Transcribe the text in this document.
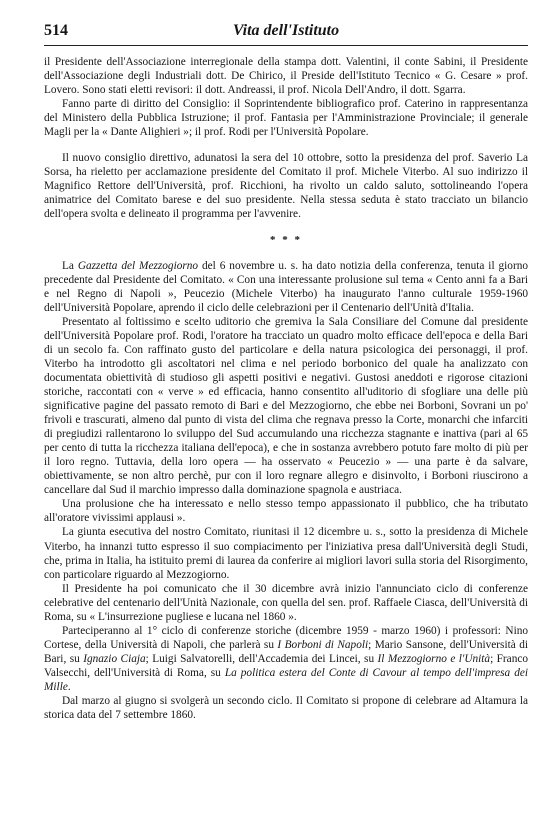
514	Vita dell'Istituto

il Presidente dell'Associazione interregionale della stampa dott. Valentini, il conte Sabini, il Presidente dell'Associazione degli Industriali dott. De Chirico, il Preside dell'Istituto Tecnico « G. Cesare » prof. Lovero. Sono stati eletti revisori: il dott. Andreassi, il prof. Nicola Dell'Andro, il dott. Sgarra.

Fanno parte di diritto del Consiglio: il Soprintendente bibliografico prof. Caterino in rappresentanza del Ministero della Pubblica Istruzione; il prof. Fantasia per l'Amministrazione Provinciale; il generale Magli per la « Dante Alighieri »; il prof. Rodi per l'Università Popolare.

Il nuovo consiglio direttivo, adunatosi la sera del 10 ottobre, sotto la presidenza del prof. Saverio La Sorsa, ha rieletto per acclamazione presidente del Comitato il prof. Michele Viterbo. Al suo indirizzo il Magnifico Rettore dell'Università, prof. Ricchioni, ha rivolto un caldo saluto, sottolineando l'opera animatrice del Comitato barese e del suo presidente. Nella stessa seduta è stato tracciato un bilancio dell'opera svolta e delineato il programma per l'avvenire.

* * *

La Gazzetta del Mezzogiorno del 6 novembre u. s. ha dato notizia della conferenza, tenuta il giorno precedente dal Presidente del Comitato. « Con una interessante prolusione sul tema « Cento anni fa a Bari e nel Regno di Napoli », Peucezio (Michele Viterbo) ha inaugurato l'anno culturale 1959-1960 dell'Università Popolare, aprendo il ciclo delle celebrazioni per il Centenario dell'Unità d'Italia.

Presentato al foltissimo e scelto uditorio che gremiva la Sala Consiliare del Comune dal presidente dell'Università Popolare prof. Rodi, l'oratore ha tracciato un quadro molto efficace dell'epoca e della Bari di un secolo fa. Con raffinato gusto del particolare e della natura psicologica dei personaggi, il prof. Viterbo ha introdotto gli ascoltatori nel clima e nel periodo borbonico del quale ha analizzato con documentata obiettività di studioso gli aspetti positivi e negativi. Gustosi aneddoti e rigorose citazioni storiche, raccontati con « verve » ed efficacia, hanno consentito all'uditorio di sfogliare una delle più significative pagine del passato remoto di Bari e del Mezzogiorno, che ebbe nei Borboni, Sovrani un po' frivoli e trascurati, almeno dal punto di vista del clima che regnava presso la Corte, monarchi che infarciti di pregiudizi rallentarono lo sviluppo del Sud accumulando una ricchezza stagnante e inattiva (pari al 65 per cento di tutta la ricchezza italiana dell'epoca), e che in sostanza avrebbero potuto fare molto di più per il loro regno. Tuttavia, della loro opera — ha osservato « Peucezio » — una parte è da salvare, obiettivamente, se non altro perchè, pur con il loro regnare allegro e disinvolto, i Borboni riuscirono a cancellare dal Sud il marchio impresso dalla dominazione spagnola e austriaca.

Una prolusione che ha interessato e nello stesso tempo appassionato il pubblico, che ha tributato all'oratore vivissimi applausi ».

La giunta esecutiva del nostro Comitato, riunitasi il 12 dicembre u. s., sotto la presidenza di Michele Viterbo, ha innanzi tutto espresso il suo compiacimento per l'iniziativa presa dall'Università degli Studi, che, prima in Italia, ha istituito premi di laurea da conferire ai migliori lavori sulla storia del Risorgimento, con particolare riguardo al Mezzogiorno.

Il Presidente ha poi comunicato che il 30 dicembre avrà inizio l'annunciato ciclo di conferenze celebrative del centenario dell'Unità Nazionale, con quella del sen. prof. Raffaele Ciasca, dell'Università di Roma, su « L'insurrezione pugliese e lucana nel 1860 ».

Parteciperanno al 1° ciclo di conferenze storiche (dicembre 1959 - marzo 1960) i professori: Nino Cortese, della Università di Napoli, che parlerà su I Borboni di Napoli; Mario Sansone, dell'Università di Bari, su Ignazio Ciaja; Luigi Salvatorelli, dell'Accademia dei Lincei, su Il Mezzogiorno e l'Unità; Franco Valsecchi, dell'Università di Roma, su La politica estera del Conte di Cavour al tempo dell'impresa dei Mille.

Dal marzo al giugno si svolgerà un secondo ciclo. Il Comitato si propone di celebrare ad Altamura la storica data del 7 settembre 1860.
